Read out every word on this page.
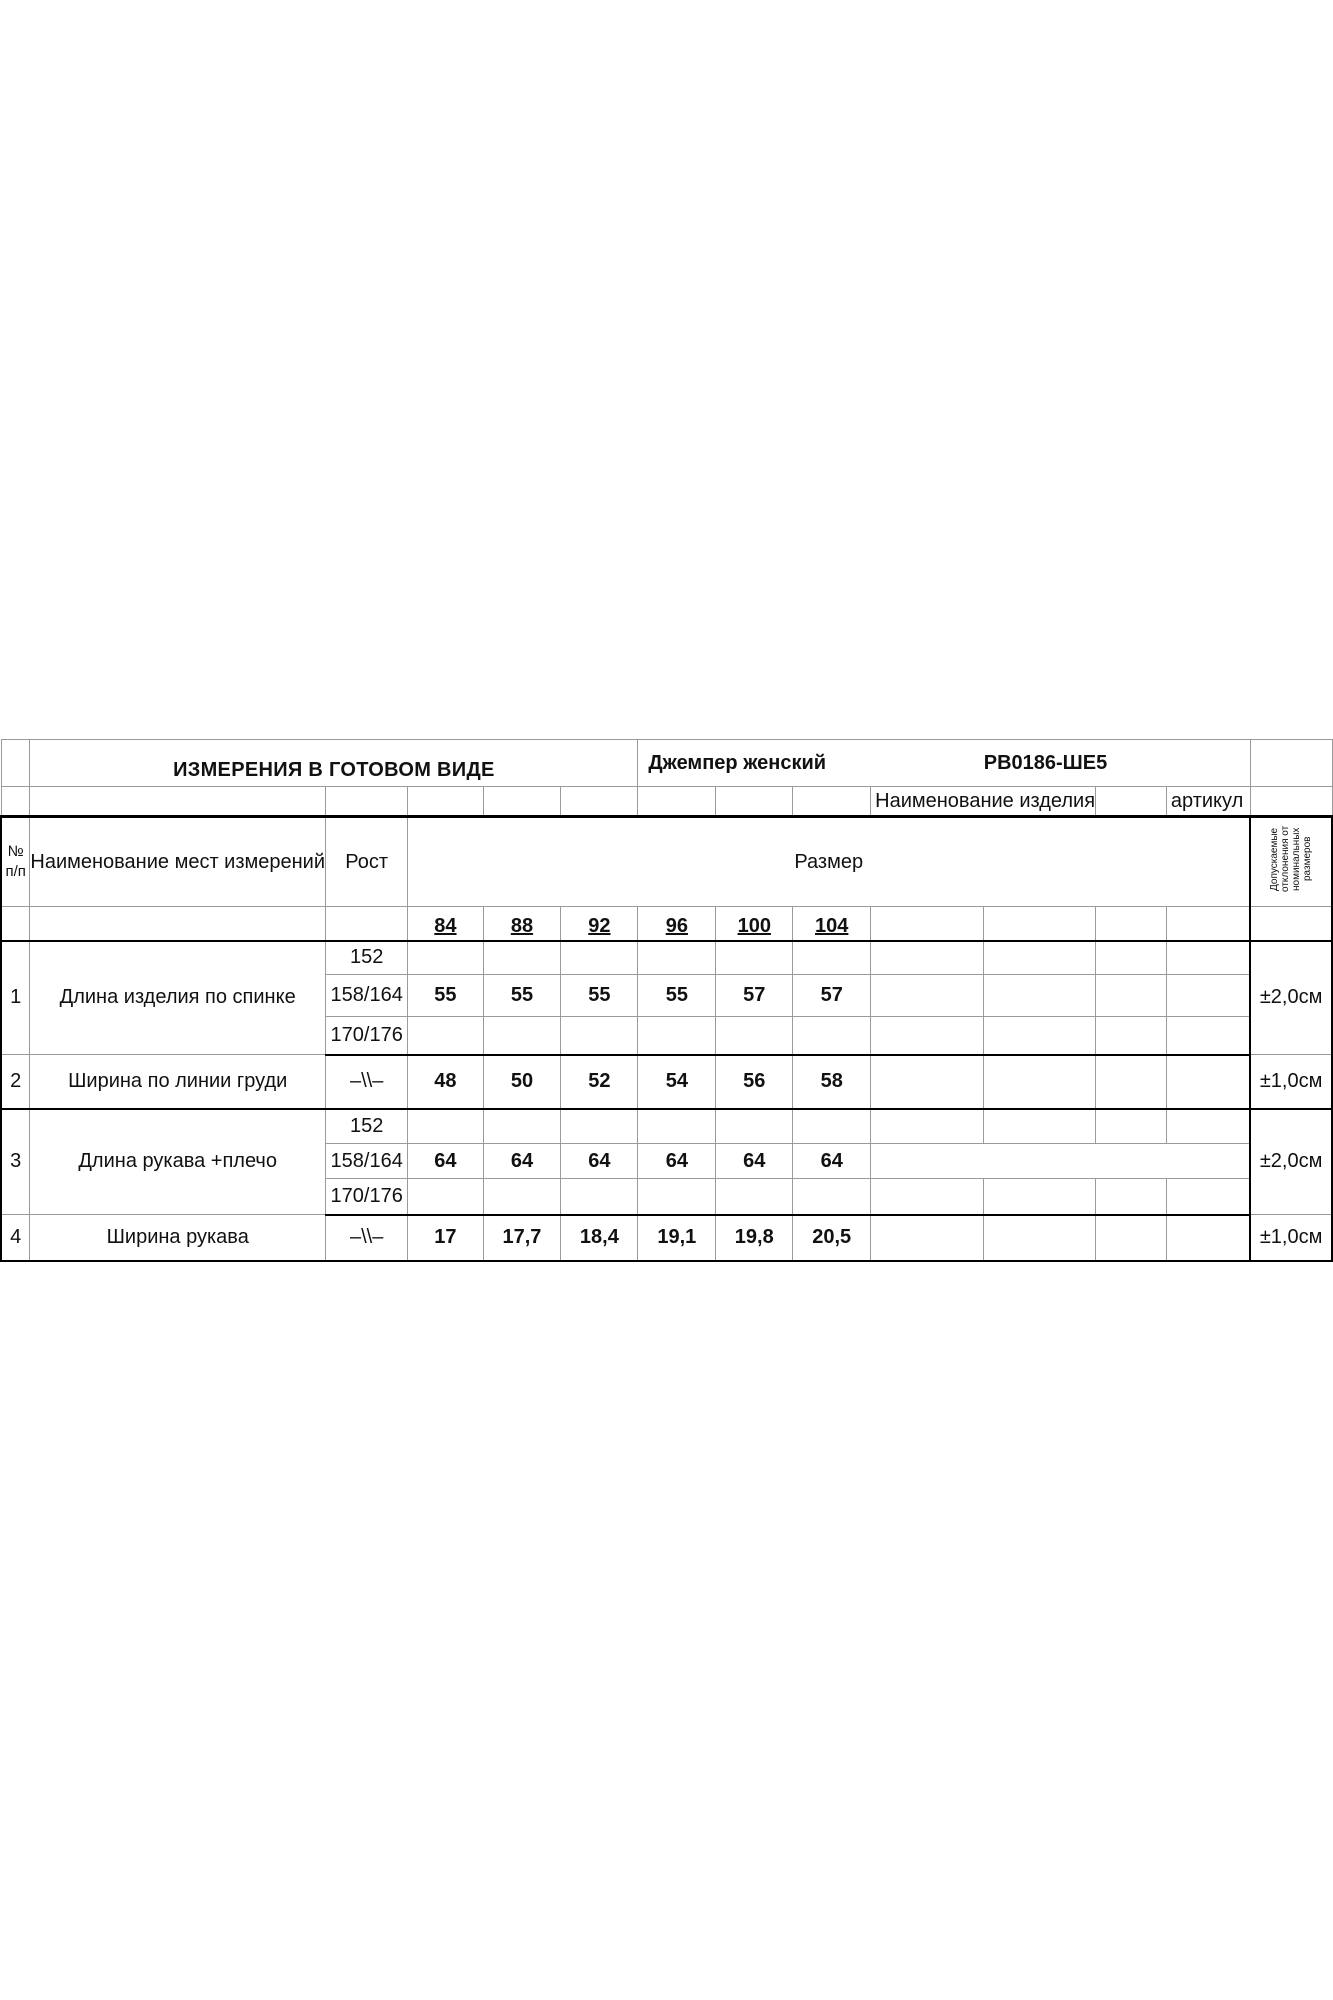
	ИЗМЕРЕНИЯ В ГОТОВОМ ВИДЕ					Джемпер женский				РВ0186-ШЕ5			
									Наименование изделия			артикул	
№ п/п	Наименование мест измерений	Рост	Размер										Допускаемые отклонения от номинальных размеров
			84	88	92	96	100	104					
1	Длина изделия по спинке	152											±2,0см
		158/164	55	55	55	55	57	57					
		170/176											
2	Ширина по линии груди	–\\–	48	50	52	54	56	58					±1,0см
3	Длина рукава +плечо	152											±2,0см
		158/164	64	64	64	64	64	64					
		170/176											
4	Ширина рукава	–\\–	17	17,7	18,4	19,1	19,8	20,5					±1,0см
